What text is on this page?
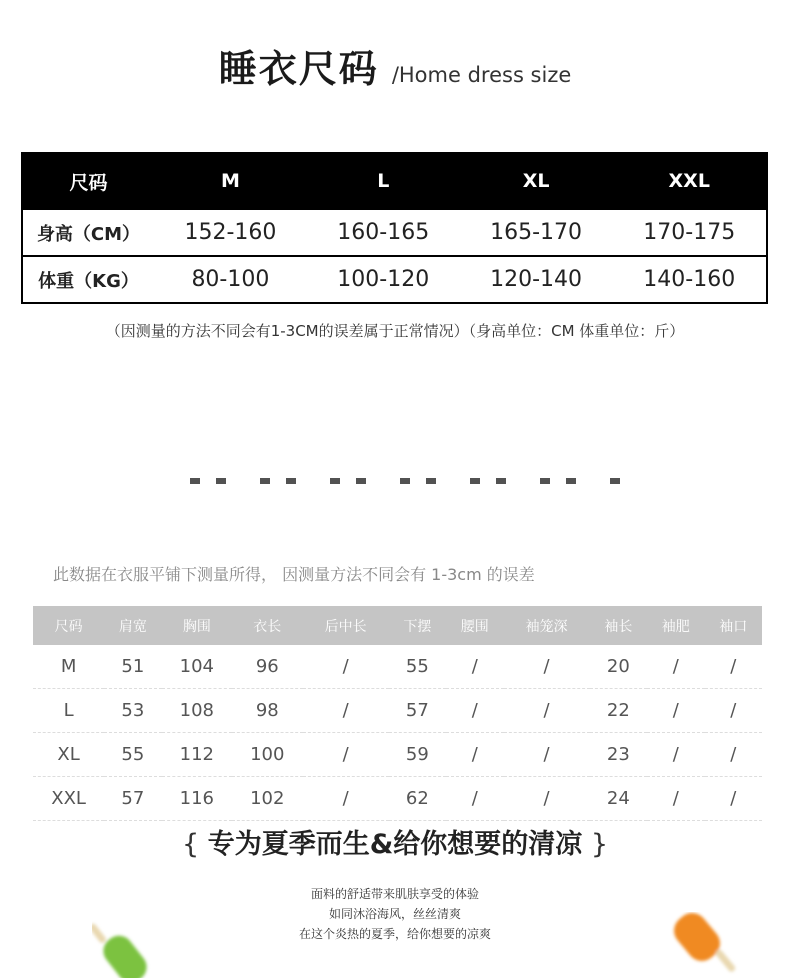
睡衣尺码 /Home dress size
尺码	M	L	XL	XXL
身高（CM）	152-160	160-165	165-170	170-175
体重（KG）	80-100	100-120	120-140	140-160
（因测量的方法不同会有1-3CM的误差属于正常情况）（身高单位：CM 体重单位：斤）
此数据在衣服平铺下测量所得， 因测量方法不同会有 1-3cm 的误差
尺码	肩宽	胸围	衣长	后中长	下摆	腰围	袖笼深	袖长	袖肥	袖口
M	51	104	96	/	55	/	/	20	/	/
L	53	108	98	/	57	/	/	22	/	/
XL	55	112	100	/	59	/	/	23	/	/
XXL	57	116	102	/	62	/	/	24	/	/
{ 专为夏季而生&给你想要的清凉 }
面料的舒适带来肌肤享受的体验
如同沐浴海风，丝丝清爽
在这个炎热的夏季，给你想要的凉爽
